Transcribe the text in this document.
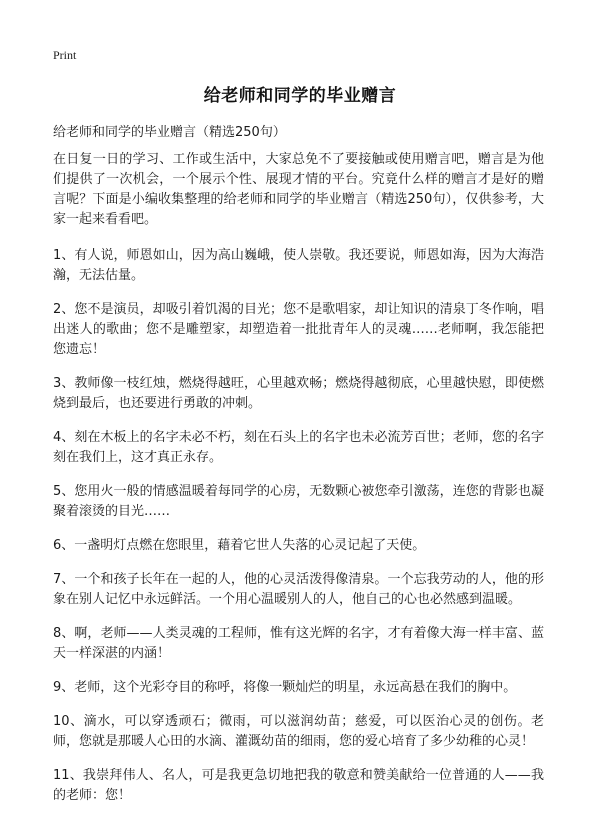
Print
给老师和同学的毕业赠言
给老师和同学的毕业赠言（精选250句）

在日复一日的学习、工作或生活中，大家总免不了要接触或使用赠言吧，赠言是为他们提供了一次机会，一个展示个性、展现才情的平台。究竟什么样的赠言才是好的赠言呢？下面是小编收集整理的给老师和同学的毕业赠言（精选250句），仅供参考，大家一起来看看吧。

1、有人说，师恩如山，因为高山巍峨，使人崇敬。我还要说，师恩如海，因为大海浩瀚，无法估量。

2、您不是演员，却吸引着饥渴的目光；您不是歌唱家，却让知识的清泉丁冬作响，唱出迷人的歌曲；您不是雕塑家，却塑造着一批批青年人的灵魂……老师啊，我怎能把您遗忘！

3、教师像一枝红烛，燃烧得越旺，心里越欢畅；燃烧得越彻底，心里越快慰，即使燃烧到最后，也还要进行勇敢的冲刺。

4、刻在木板上的名字未必不朽，刻在石头上的名字也未必流芳百世；老师，您的名字刻在我们上，这才真正永存。

5、您用火一般的情感温暖着每同学的心房，无数颗心被您牵引激荡，连您的背影也凝聚着滚烫的目光……

6、一盏明灯点燃在您眼里，藉着它世人失落的心灵记起了天使。

7、一个和孩子长年在一起的人，他的心灵活泼得像清泉。一个忘我劳动的人，他的形象在别人记忆中永远鲜活。一个用心温暖别人的人，他自己的心也必然感到温暖。

8、啊，老师——人类灵魂的工程师，惟有这光辉的名字，才有着像大海一样丰富、蓝天一样深湛的内涵！

9、老师，这个光彩夺目的称呼，将像一颗灿烂的明星，永远高悬在我们的胸中。

10、滴水，可以穿透顽石；微雨，可以滋润幼苗；慈爱，可以医治心灵的创伤。老师，您就是那暖人心田的水滴、灌溉幼苗的细雨，您的爱心培育了多少幼稚的心灵！

11、我崇拜伟人、名人，可是我更急切地把我的敬意和赞美献给一位普通的人——我的老师：您！
